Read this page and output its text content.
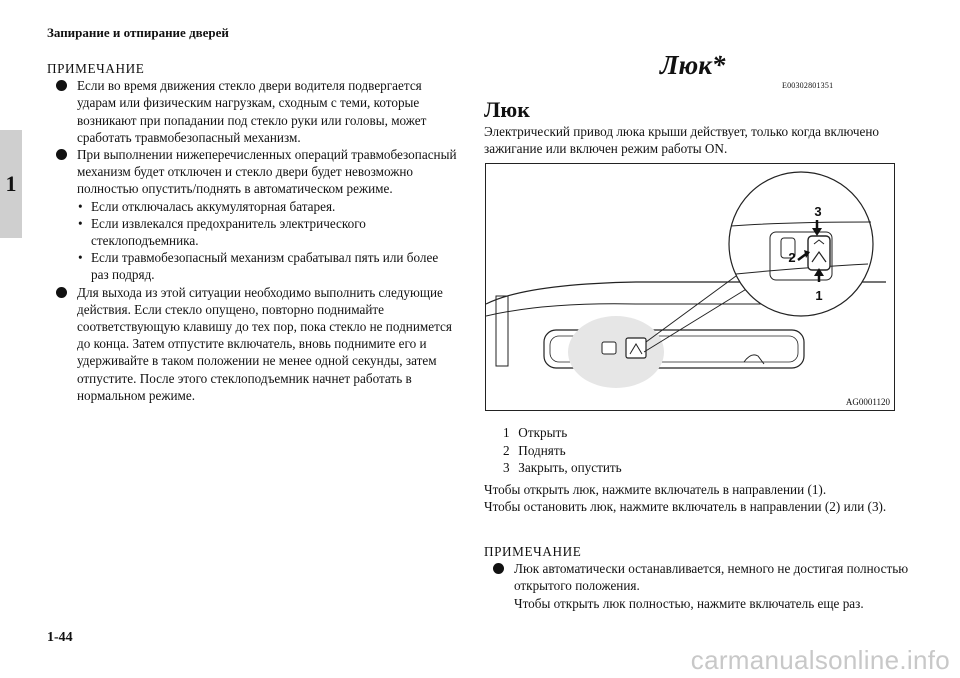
Запирание и отпирание дверей
1
ПРИМЕЧАНИЕ
Если во время движения стекло двери водителя подвергается ударам или физическим нагрузкам, сходным с теми, которые возникают при попадании под стекло руки или головы, может сработать травмобезопасный механизм.
При выполнении нижеперечисленных операций травмобезопасный механизм будет отключен и стекло двери будет невозможно полностью опустить/поднять в автоматическом режиме.
• Если отключалась аккумуляторная батарея.
• Если извлекался предохранитель электрического стеклоподъемника.
• Если травмобезопасный механизм срабатывал пять или более раз подряд.
Для выхода из этой ситуации необходимо выполнить следующие действия. Если стекло опущено, повторно поднимайте соответствующую клавишу до тех пор, пока стекло не поднимется до конца. Затем отпустите включатель, вновь поднимите его и удерживайте в таком положении не менее одной секунды, затем отпустите. После этого стеклоподъемник начнет работать в нормальном режиме.
Люк*
E00302801351
Люк
Электрический привод люка крыши действует, только когда включено зажигание или включен режим работы ON.
3
2
1
AG0001120
1 Открыть
2 Поднять
3 Закрыть, опустить
Чтобы открыть люк, нажмите включатель в направлении (1).
Чтобы остановить люк, нажмите включатель в направлении (2) или (3).
ПРИМЕЧАНИЕ
Люк автоматически останавливается, немного не достигая полностью открытого положения.
Чтобы открыть люк полностью, нажмите включатель еще раз.
1-44
carmanualsonline.info
